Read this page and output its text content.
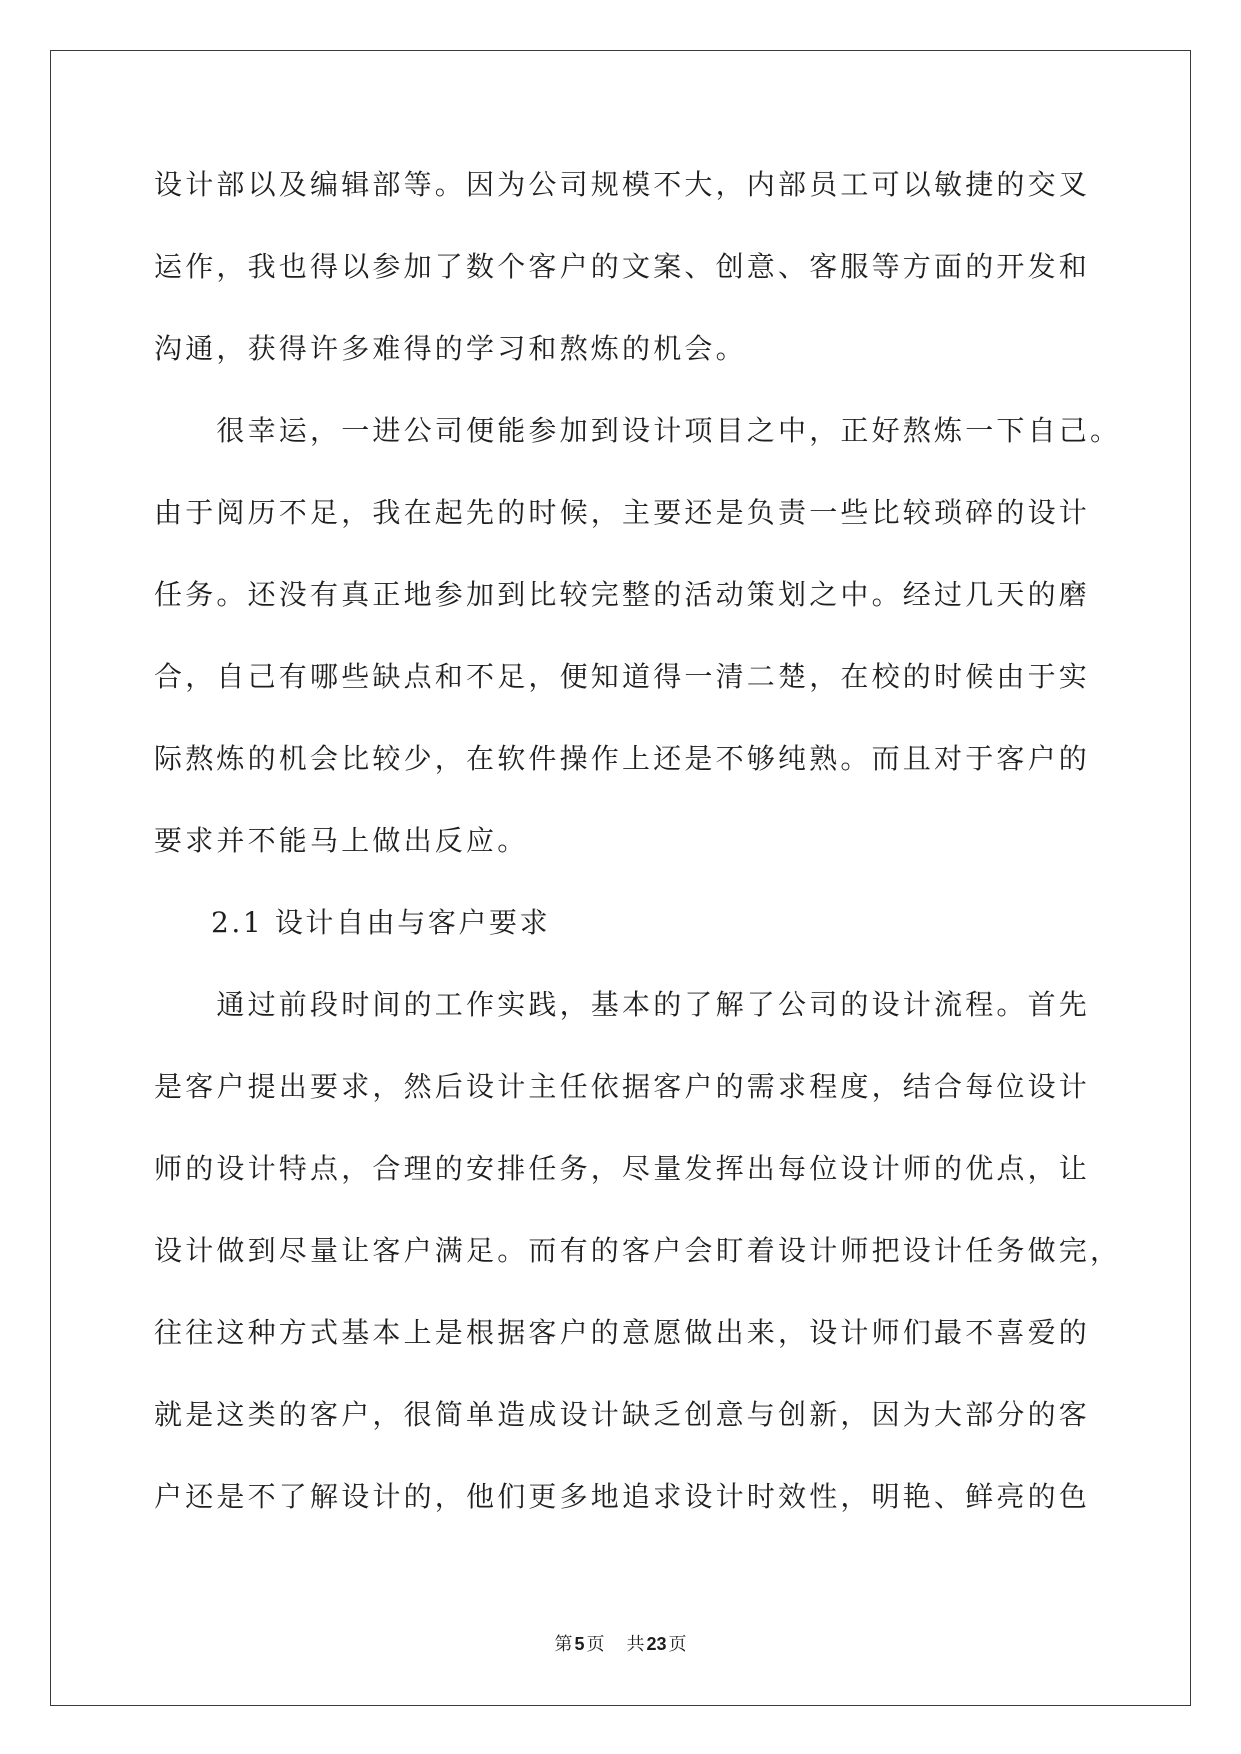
设计部以及编辑部等。因为公司规模不大，内部员工可以敏捷的交叉
运作，我也得以参加了数个客户的文案、创意、客服等方面的开发和
沟通，获得许多难得的学习和熬炼的机会。
很幸运，一进公司便能参加到设计项目之中，正好熬炼一下自己。
由于阅历不足，我在起先的时候，主要还是负责一些比较琐碎的设计
任务。还没有真正地参加到比较完整的活动策划之中。经过几天的磨
合，自己有哪些缺点和不足，便知道得一清二楚，在校的时候由于实
际熬炼的机会比较少，在软件操作上还是不够纯熟。而且对于客户的
要求并不能马上做出反应。
2.1 设计自由与客户要求
通过前段时间的工作实践，基本的了解了公司的设计流程。首先
是客户提出要求，然后设计主任依据客户的需求程度，结合每位设计
师的设计特点，合理的安排任务，尽量发挥出每位设计师的优点，让
设计做到尽量让客户满足。而有的客户会盯着设计师把设计任务做完，
往往这种方式基本上是根据客户的意愿做出来，设计师们最不喜爱的
就是这类的客户，很简单造成设计缺乏创意与创新，因为大部分的客
户还是不了解设计的，他们更多地追求设计时效性，明艳、鲜亮的色
第 5 页 共 23 页
